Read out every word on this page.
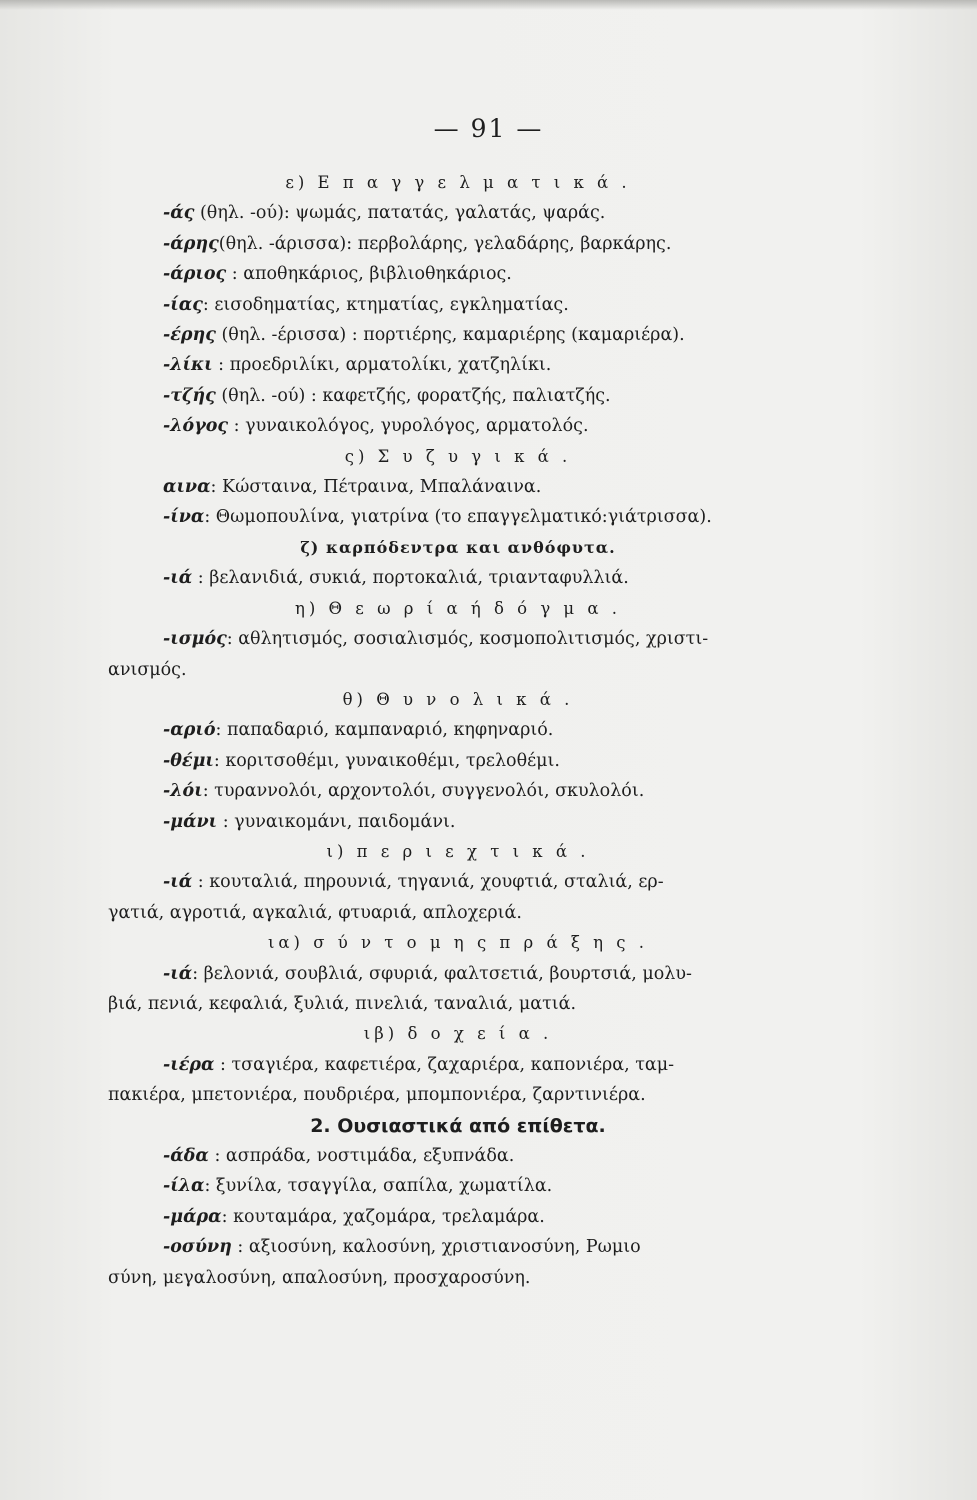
— 91 —
ε) Ε π α γ γ ε λ μ α τ ι κ ά .
-άς (θηλ. -ού): ψωμάς, πατατάς, γαλατάς, ψαράς.
-άρης(θηλ. -άρισσα): περβολάρης, γελαδάρης, βαρκάρης.
-άριος : αποθηκάριος, βιβλιοθηκάριος.
-ίας: εισοδηματίας, κτηματίας, εγκληματίας.
-έρης (θηλ. -έρισσα) : πορτιέρης, καμαριέρης (καμαριέρα).
-λίκι : προεδριλίκι, αρματολίκι, χατζηλίκι.
-τζής (θηλ. -ού) : καφετζής, φορατζής, παλιατζής.
-λόγος : γυναικολόγος, γυρολόγος, αρματολός.
ς) Σ υ ζ υ γ ι κ ά .
αινα: Κώσταινα, Πέτραινα, Μπαλάναινα.
-ίνα: Θωμοπουλίνα, γιατρίνα (το επαγγελματικό:γιάτρισσα).
ζ) καρπόδεντρα και ανθόφυτα.
-ιά : βελανιδιά, συκιά, πορτοκαλιά, τριανταφυλλιά.
η) Θ ε ω ρ ί α ή δ ό γ μ α .
-ισμός: αθλητισμός, σοσιαλισμός, κοσμοπολιτισμός, χριστι-
ανισμός.
θ) Θ υ ν ο λ ι κ ά .
-αριό: παπαδαριό, καμπαναριό, κηφηναριό.
-θέμι: κοριτσοθέμι, γυναικοθέμι, τρελοθέμι.
-λόι: τυραννολόι, αρχοντολόι, συγγενολόι, σκυλολόι.
-μάνι : γυναικομάνι, παιδομάνι.
ι) π ε ρ ι ε χ τ ι κ ά .
-ιά : κουταλιά, πηρουνιά, τηγανιά, χουφτιά, σταλιά, ερ-
γατιά, αγροτιά, αγκαλιά, φτυαριά, απλοχεριά.
ια) σ ύ ν τ ο μ η ς π ρ ά ξ η ς .
-ιά: βελονιά, σουβλιά, σφυριά, φαλτσετιά, βουρτσιά, μολυ-
βιά, πενιά, κεφαλιά, ξυλιά, πινελιά, ταναλιά, ματιά.
ιβ) δ ο χ ε ί α .
-ιέρα : τσαγιέρα, καφετιέρα, ζαχαριέρα, καπονιέρα, ταμ-
πακιέρα, μπετονιέρα, πουδριέρα, μπομπονιέρα, ζαρντινιέρα.
2. Ουσιαστικά από επίθετα.
-άδα : ασπράδα, νοστιμάδα, εξυπνάδα.
-ίλα: ξυνίλα, τσαγγίλα, σαπίλα, χωματίλα.
-μάρα: κουταμάρα, χαζομάρα, τρελαμάρα.
-οσύνη : αξιοσύνη, καλοσύνη, χριστιανοσύνη, Ρωμιο
σύνη, μεγαλοσύνη, απαλοσύνη, προσχαροσύνη.
